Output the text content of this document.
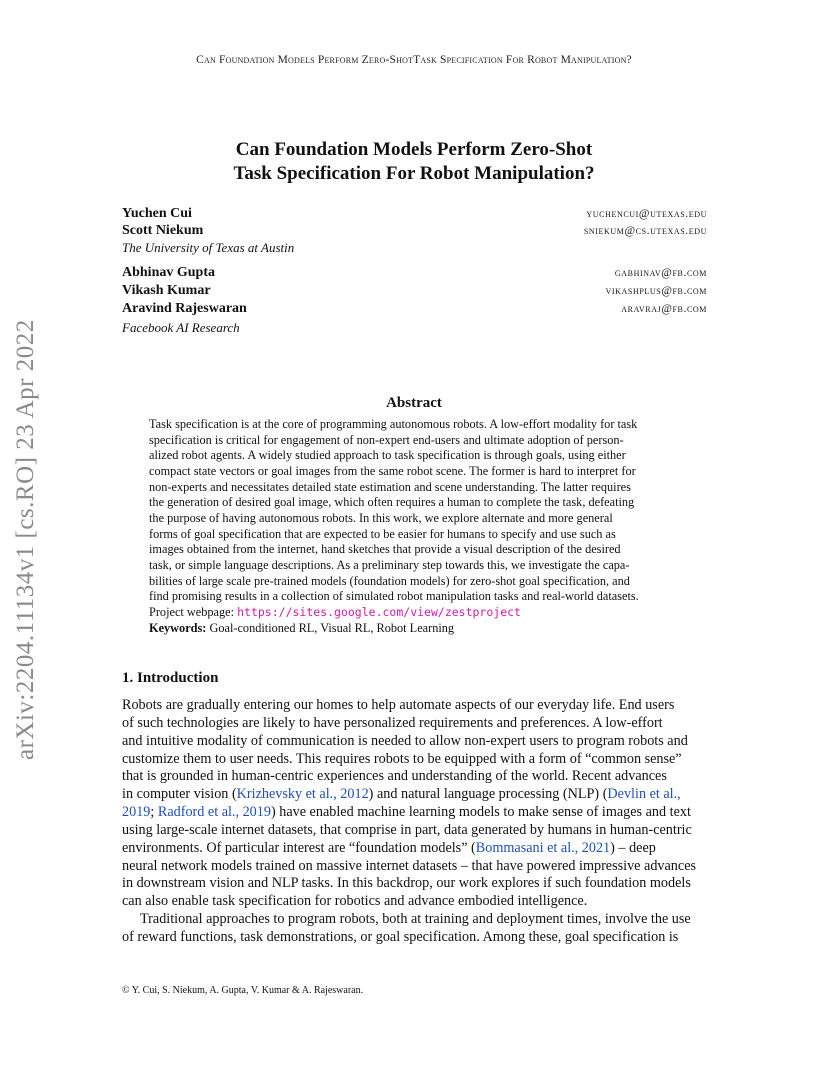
Can Foundation Models Perform Zero-ShotTask Specification For Robot Manipulation?
arXiv:2204.11134v1 [cs.RO] 23 Apr 2022
Can Foundation Models Perform Zero-Shot
Task Specification For Robot Manipulation?
Yuchen Cui
Scott Niekum
The University of Texas at Austin
yuchencui@utexas.edu
sniekum@cs.utexas.edu
Abhinav Gupta
Vikash Kumar
Aravind Rajeswaran
Facebook AI Research
gabhinav@fb.com
vikashplus@fb.com
aravraj@fb.com
Abstract
Task specification is at the core of programming autonomous robots. A low-effort modality for task
specification is critical for engagement of non-expert end-users and ultimate adoption of person-
alized robot agents. A widely studied approach to task specification is through goals, using either
compact state vectors or goal images from the same robot scene. The former is hard to interpret for
non-experts and necessitates detailed state estimation and scene understanding. The latter requires
the generation of desired goal image, which often requires a human to complete the task, defeating
the purpose of having autonomous robots. In this work, we explore alternate and more general
forms of goal specification that are expected to be easier for humans to specify and use such as
images obtained from the internet, hand sketches that provide a visual description of the desired
task, or simple language descriptions. As a preliminary step towards this, we investigate the capa-
bilities of large scale pre-trained models (foundation models) for zero-shot goal specification, and
find promising results in a collection of simulated robot manipulation tasks and real-world datasets.
Project webpage: https://sites.google.com/view/zestproject
Keywords: Goal-conditioned RL, Visual RL, Robot Learning
1. Introduction
Robots are gradually entering our homes to help automate aspects of our everyday life. End users
of such technologies are likely to have personalized requirements and preferences. A low-effort
and intuitive modality of communication is needed to allow non-expert users to program robots and
customize them to user needs. This requires robots to be equipped with a form of “common sense”
that is grounded in human-centric experiences and understanding of the world. Recent advances
in computer vision (Krizhevsky et al., 2012) and natural language processing (NLP) (Devlin et al.,
2019; Radford et al., 2019) have enabled machine learning models to make sense of images and text
using large-scale internet datasets, that comprise in part, data generated by humans in human-centric
environments. Of particular interest are “foundation models” (Bommasani et al., 2021) – deep
neural network models trained on massive internet datasets – that have powered impressive advances
in downstream vision and NLP tasks. In this backdrop, our work explores if such foundation models
can also enable task specification for robotics and advance embodied intelligence.
Traditional approaches to program robots, both at training and deployment times, involve the use
of reward functions, task demonstrations, or goal specification. Among these, goal specification is
© Y. Cui, S. Niekum, A. Gupta, V. Kumar & A. Rajeswaran.
